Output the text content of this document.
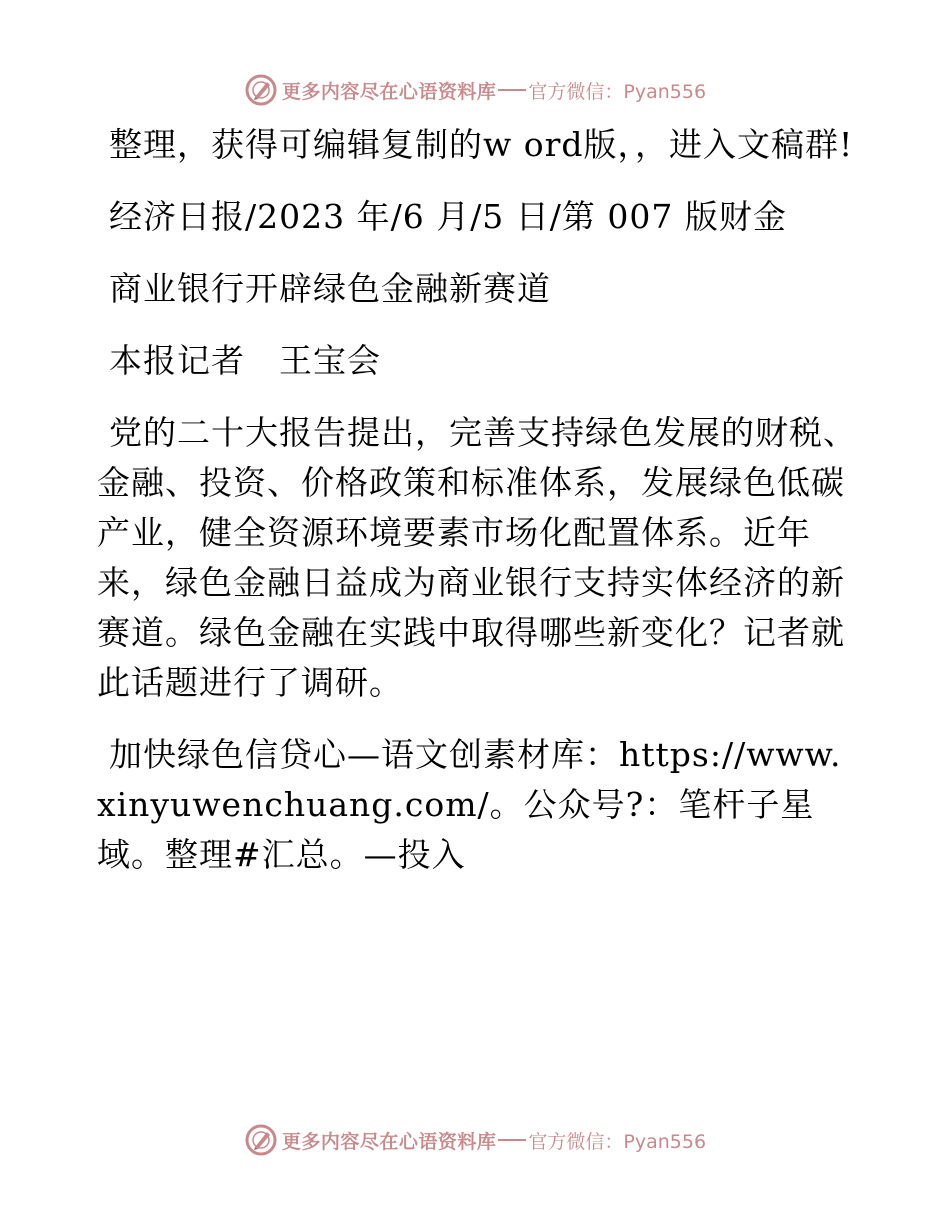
更多内容尽在心语资料库 官方微信：Pyan556

整理，获得可编辑复制的w ord版，，进入文稿群!

经济日报/2023 年/6 月/5 日/第 007 版财金

商业银行开辟绿色金融新赛道

本报记者　王宝会

党的二十大报告提出，完善支持绿色发展的财税、金融、投资、价格政策和标准体系，发展绿色低碳产业，健全资源环境要素市场化配置体系。近年来，绿色金融日益成为商业银行支持实体经济的新赛道。绿色金融在实践中取得哪些新变化？记者就此话题进行了调研。

加快绿色信贷心—语文创素材库：https://www.xinyuwenchuang.com/。公众号?：笔杆子星域。整理#汇总。—投入

更多内容尽在心语资料库 官方微信：Pyan556
